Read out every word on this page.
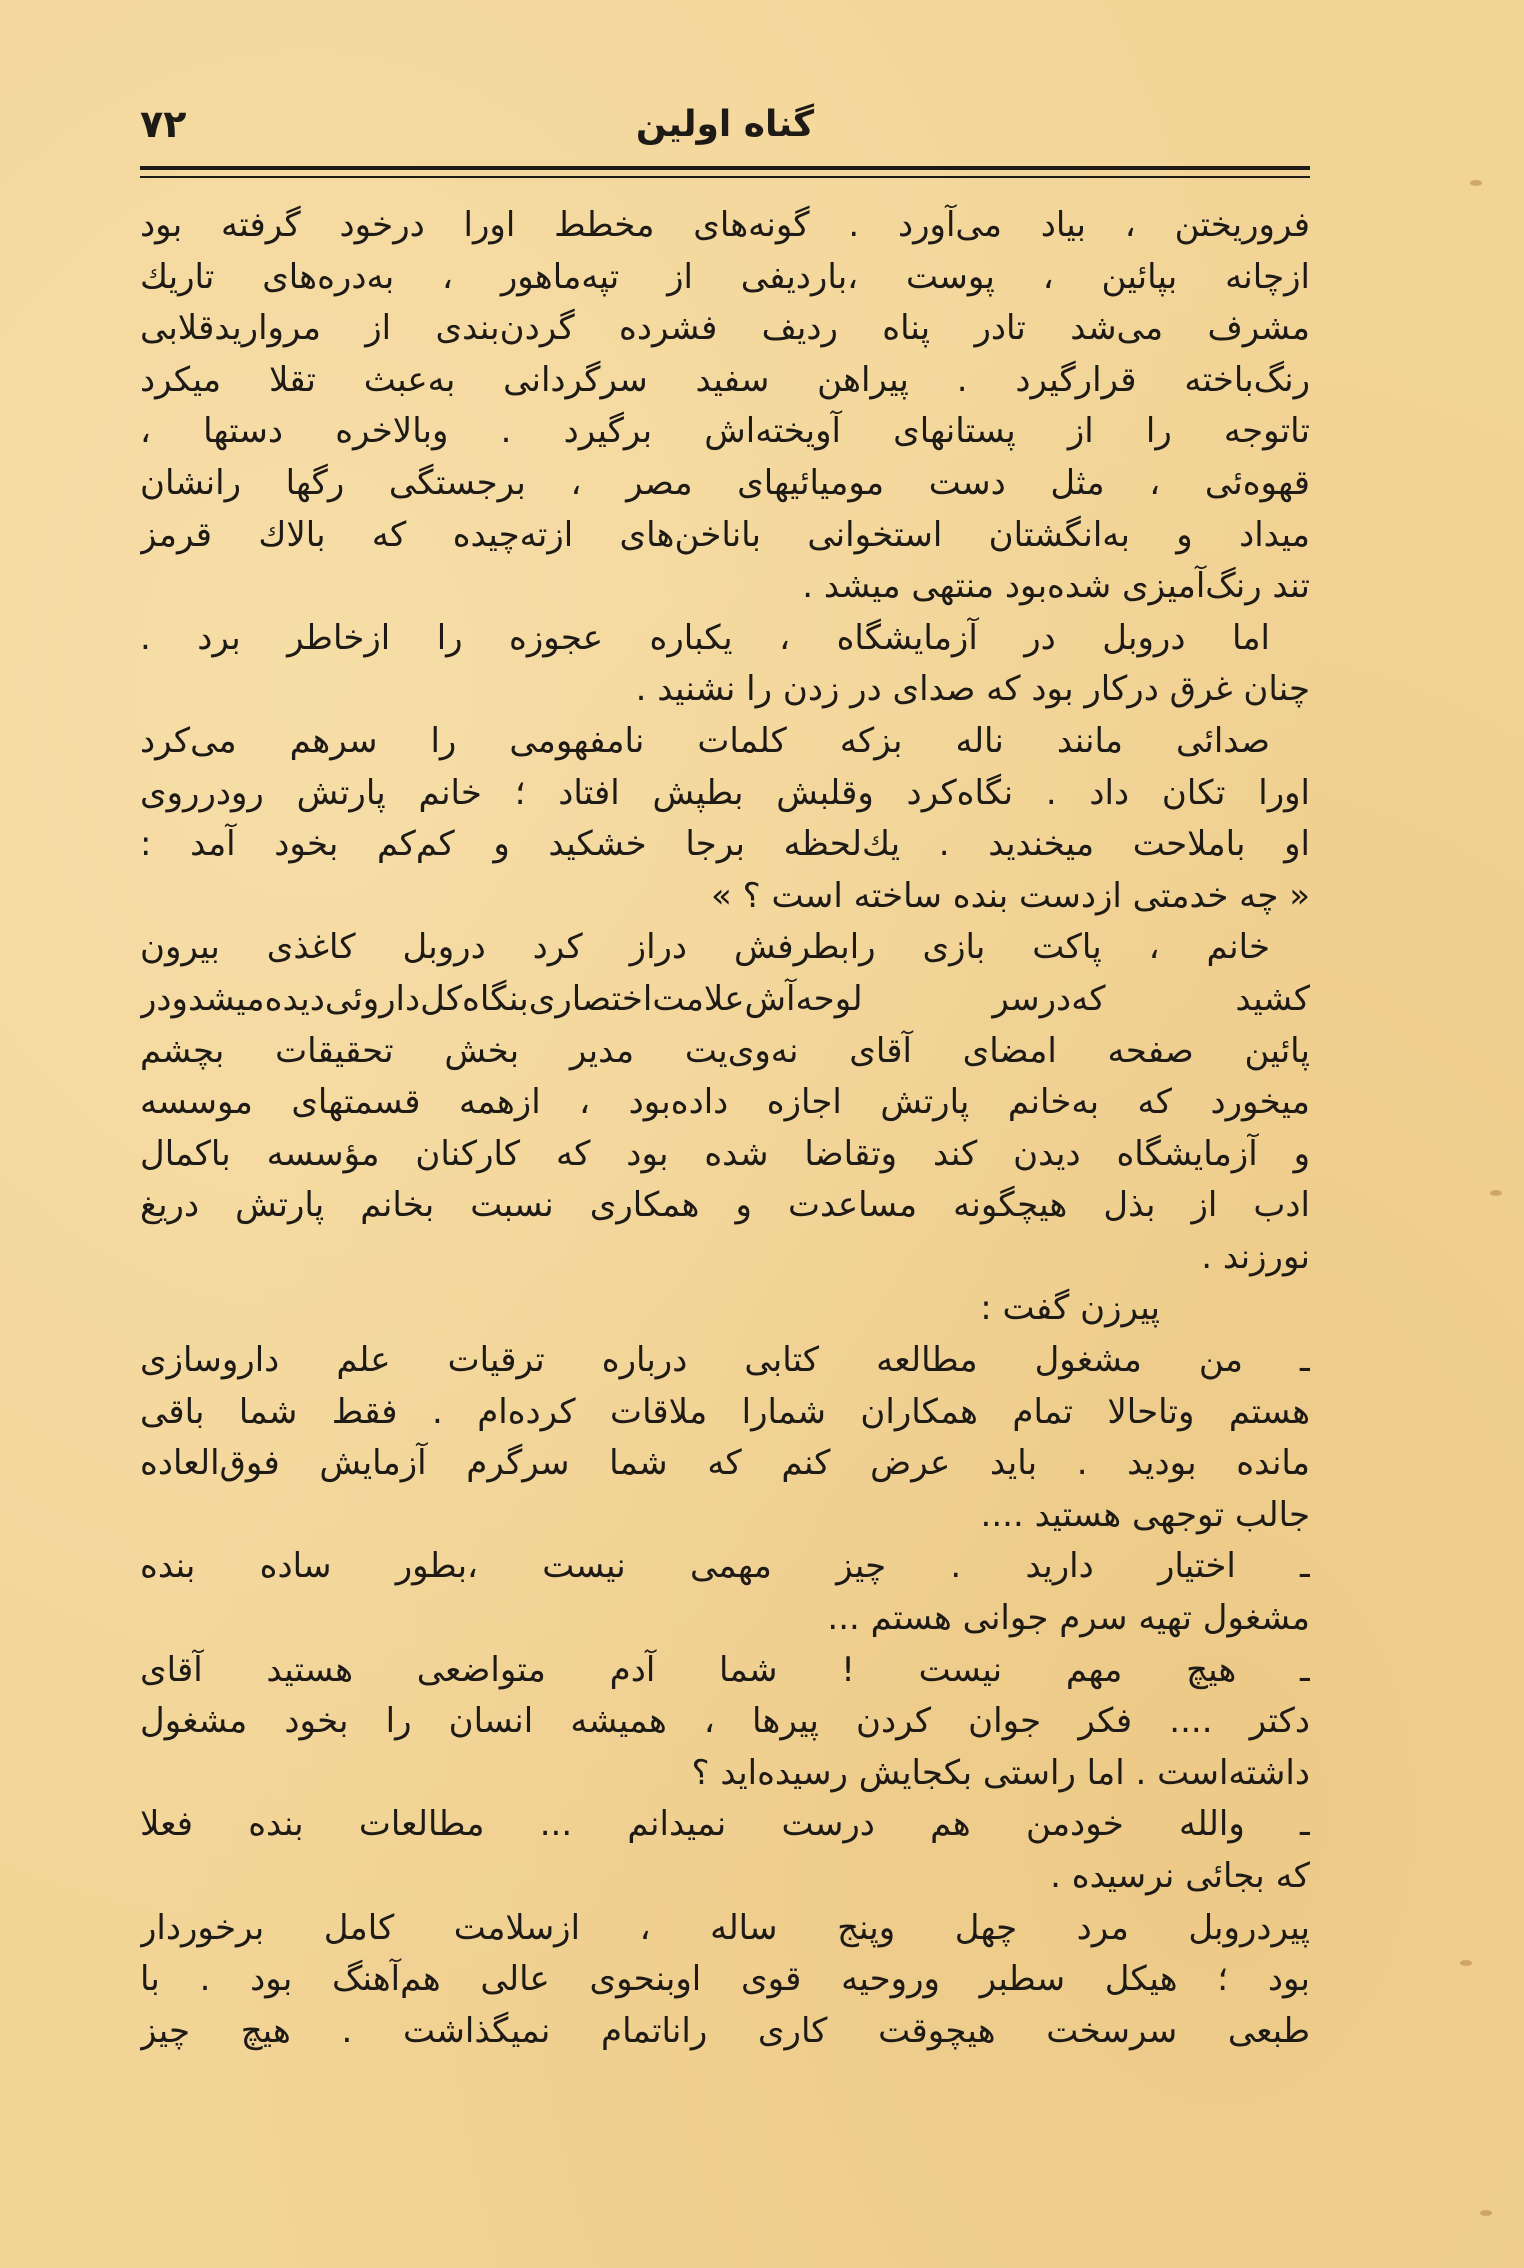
گناه اولین
۷۲
فروریختن ، بیاد می‌آورد . گونه‌های مخطط اورا درخود گرفته بود
ازچانه بپائین ، پوست ،باردیفی از تپه‌ماهور ، به‌دره‌های تاریك
مشرف می‌شد تادر پناه ردیف فشرده گردن‌بندی از مرواریدقلابی
رنگ‌باخته قرارگیرد . پیراهن سفید سرگردانی به‌عبث تقلا میکرد
تاتوجه را از پستانهای آویخته‌اش برگیرد . وبالاخره دستها ،
قهوه‌ئی ، مثل دست مومیائیهای مصر ، برجستگی رگها رانشان
میداد و به‌انگشتان استخوانی باناخن‌های ازته‌چیده که بالاك قرمز
تند رنگ‌آمیزی شده‌بود منتهی میشد .
اما دروبل در آزمایشگاه ، یکباره عجوزه را ازخاطر برد .
چنان غرق درکار بود که صدای در زدن را نشنید .
صدائی مانند ناله بزکه کلمات نامفهومی را سرهم می‌کرد
اورا تکان داد . نگاه‌کرد وقلبش بطپش افتاد ؛ خانم پارتش رودرروی
او باملاحت میخندید . یك‌لحظه برجا خشکید و کم‌کم بخود آمد :
« چه خدمتی ازدست بنده ساخته است ؟ »
خانم ، پاکت بازی رابطرفش دراز کرد دروبل کاغذی بیرون
کشید که‌درسر لوحه‌آش‌علامت‌اختصاری‌بنگاه‌کل‌داروئی‌دیده‌میشدودر
پائین صفحه امضای آقای نه‌وی‌یت مدیر بخش تحقیقات بچشم
میخورد که به‌خانم پارتش اجازه داده‌بود ، ازهمه قسمتهای موسسه
و آزمایشگاه دیدن کند وتقاضا شده بود که کارکنان مؤسسه باکمال
ادب از بذل هیچگونه مساعدت و همکاری نسبت بخانم پارتش دریغ
نورزند .
پیرزن گفت :
ـ من مشغول مطالعه کتابی درباره ترقیات علم داروسازی
هستم وتاحالا تمام همکاران شمارا ملاقات کرده‌ام . فقط شما باقی
مانده بودید . باید عرض کنم که شما سرگرم آزمایش فوق‌العاده
جالب توجهی هستید ....
ـ اختیار دارید . چیز مهمی نیست ،بطور ساده بنده
مشغول تهیه سرم جوانی هستم ...
ـ هیچ مهم نیست ! شما آدم متواضعی هستید آقای
دکتر .... فکر جوان کردن پیرها ، همیشه انسان را بخود مشغول
داشته‌است . اما راستی بکجایش رسیده‌اید ؟
ـ والله خودمن هم درست نمیدانم ... مطالعات بنده فعلا
که بجائی نرسیده .
پیردروبل مرد چهل وپنج ساله ، ازسلامت کامل برخوردار
بود ؛ هیکل سطبر وروحیه قوی اوبنحوی عالی هم‌آهنگ بود . با
طبعی سرسخت هیچوقت کاری راناتمام نمیگذاشت . هیچ چیز
